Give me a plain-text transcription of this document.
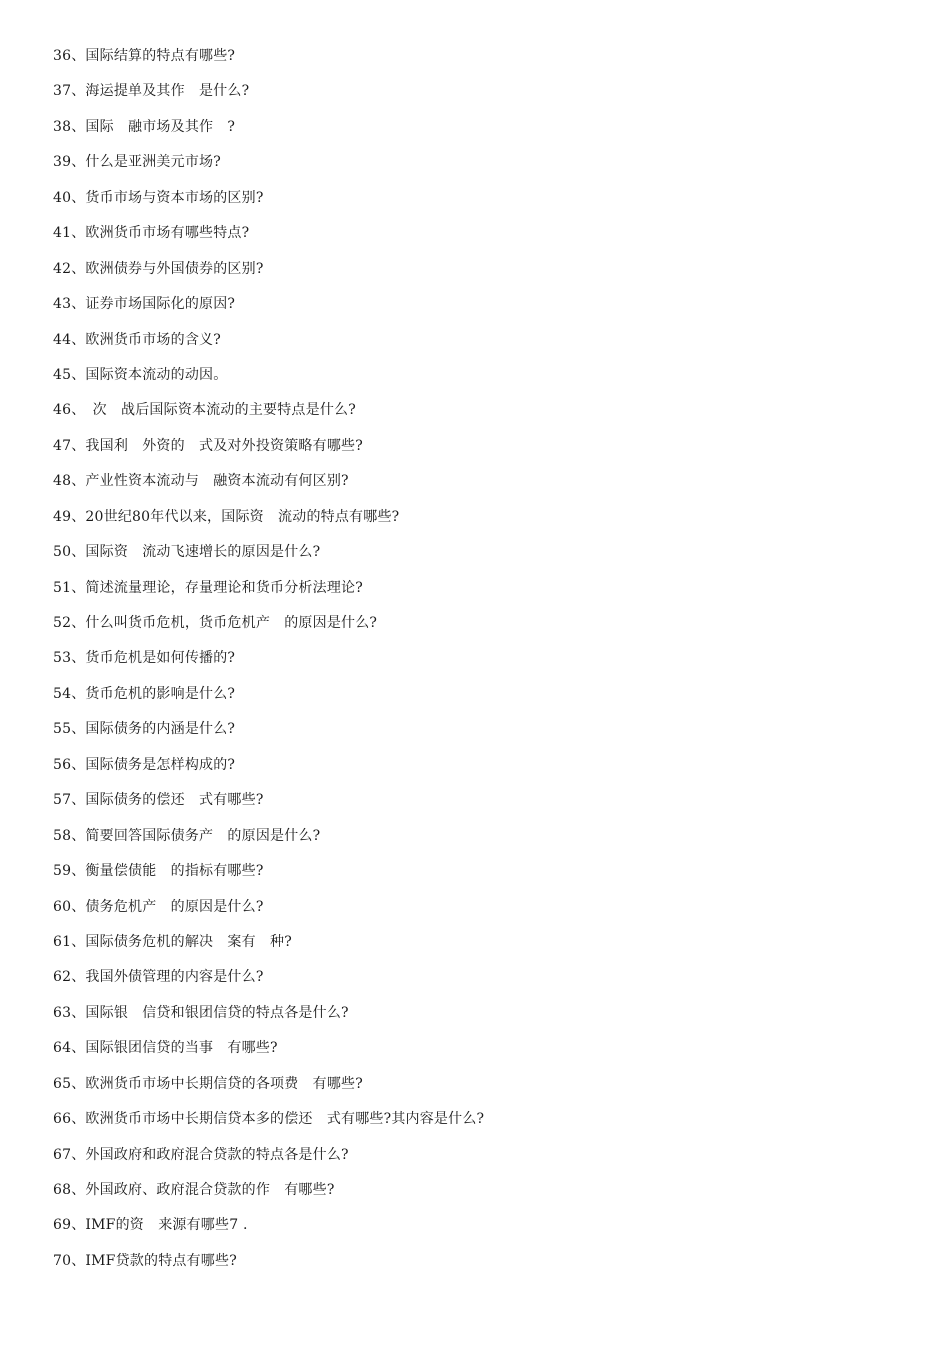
36、国际结算的特点有哪些?
37、海运提单及其作　是什么?
38、国际　融市场及其作　?
39、什么是亚洲美元市场?
40、货币市场与资本市场的区别?
41、欧洲货币市场有哪些特点?
42、欧洲债券与外国债券的区别?
43、证券市场国际化的原因?
44、欧洲货币市场的含义?
45、国际资本流动的动因。
46、　次　战后国际资本流动的主要特点是什么?
47、我国利　外资的　式及对外投资策略有哪些?
48、产业性资本流动与　融资本流动有何区别?
49、20世纪80年代以来，国际资　流动的特点有哪些?
50、国际资　流动飞速增长的原因是什么?
51、简述流量理论，存量理论和货币分析法理论?
52、什么叫货币危机，货币危机产　的原因是什么?
53、货币危机是如何传播的?
54、货币危机的影响是什么?
55、国际债务的内涵是什么?
56、国际债务是怎样构成的?
57、国际债务的偿还　式有哪些?
58、简要回答国际债务产　的原因是什么?
59、衡量偿债能　的指标有哪些?
60、债务危机产　的原因是什么?
61、国际债务危机的解决　案有　种?
62、我国外债管理的内容是什么?
63、国际银　信贷和银团信贷的特点各是什么?
64、国际银团信贷的当事　有哪些?
65、欧洲货币市场中长期信贷的各项费　有哪些?
66、欧洲货币市场中长期信贷本多的偿还　式有哪些?其内容是什么?
67、外国政府和政府混合贷款的特点各是什么?
68、外国政府、政府混合贷款的作　有哪些?
69、IMF的资　来源有哪些7 .
70、IMF贷款的特点有哪些?
